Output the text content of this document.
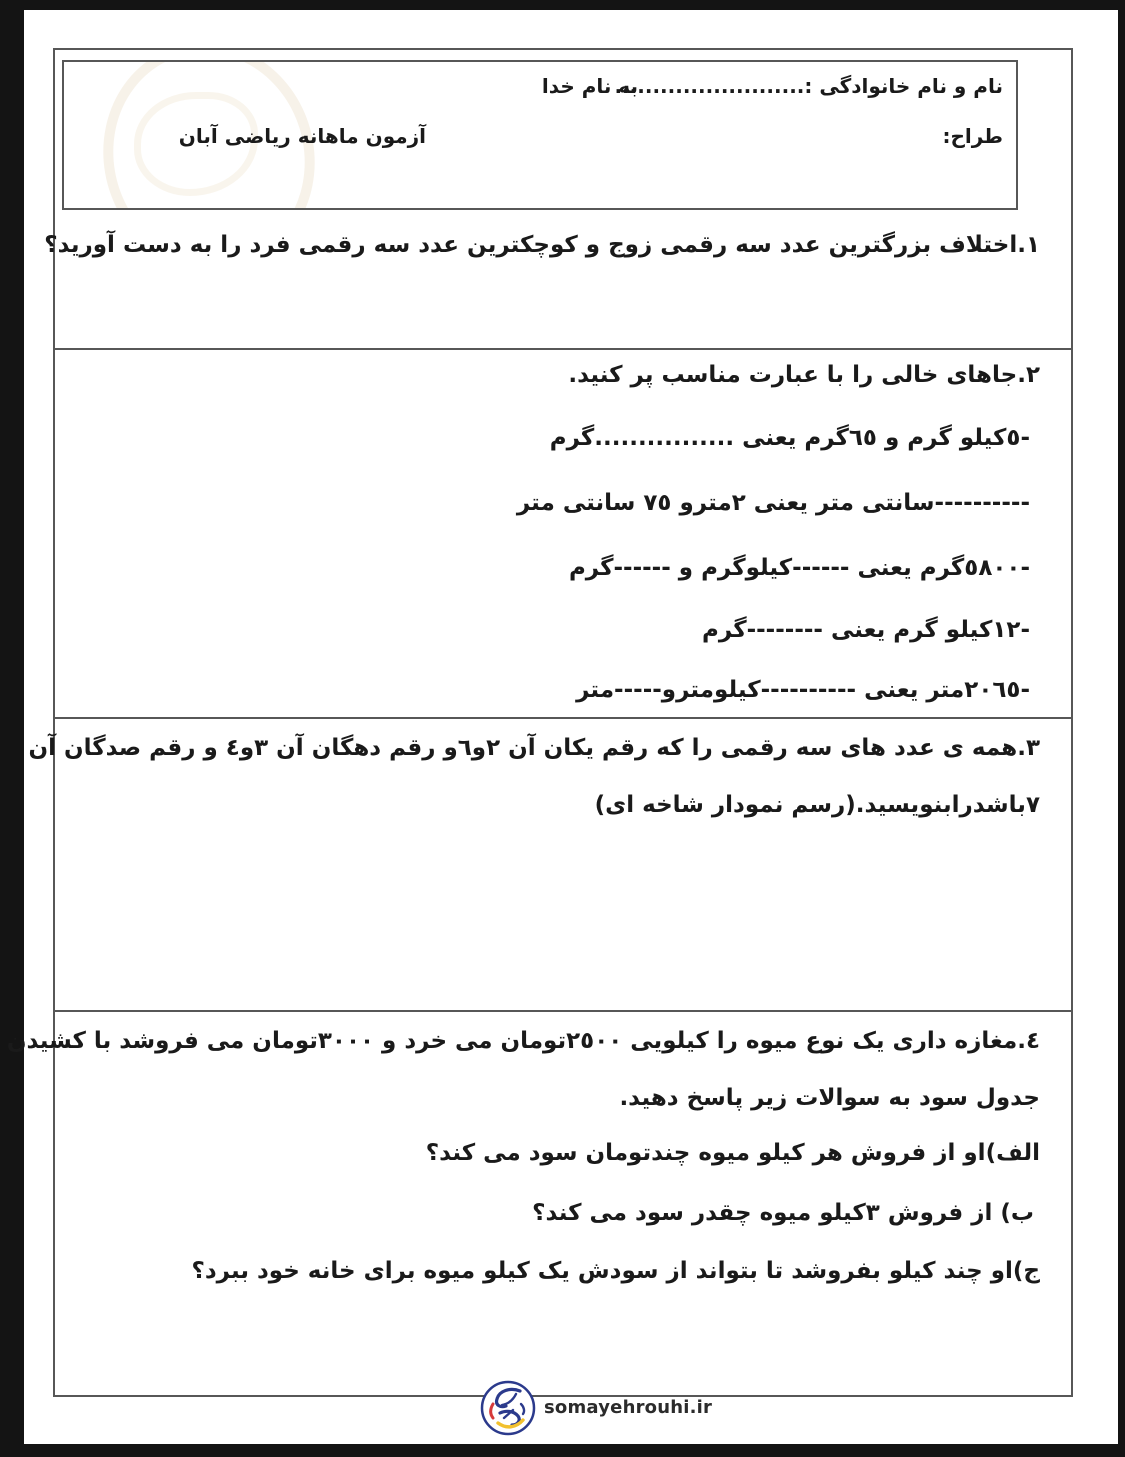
نام و نام خانوادگی :.........................
به نام خدا
طراح:
آزمون ماهانه ریاضی آبان
١.اختلاف بزرگترین عدد سه رقمی زوج و کوچکترین عدد سه رقمی فرد را به دست آورید؟
٢.جاهای خالی را با عبارت مناسب پر کنید.
-٥کیلو گرم و ٦٥گرم یعنی ................گرم
----------سانتی متر یعنی ٢مترو ٧٥ سانتی متر
-٥٨٠٠گرم یعنی ------کیلوگرم و ------گرم
-١٢کیلو گرم یعنی --------گرم
-٢٠٦٥متر یعنی ----------کیلومترو-----متر
٣.همه ی عدد های سه رقمی را که رقم یکان آن ٢و٦و رقم دهگان آن ٣و٤ و رقم صدگان آن
٧باشدرابنویسید.(رسم نمودار شاخه ای)
٤.مغازه داری یک نوع میوه را کیلویی ٢٥٠٠تومان می خرد و ٣٠٠٠تومان می فروشد با کشیدن
جدول سود به سوالات زیر پاسخ دهید.
الف)او از فروش هر کیلو میوه چندتومان سود می کند؟
ب) از فروش ٣کیلو میوه چقدر سود می کند؟
ج)او چند کیلو بفروشد تا بتواند از سودش یک کیلو میوه برای خانه خود ببرد؟
somayehrouhi.ir
